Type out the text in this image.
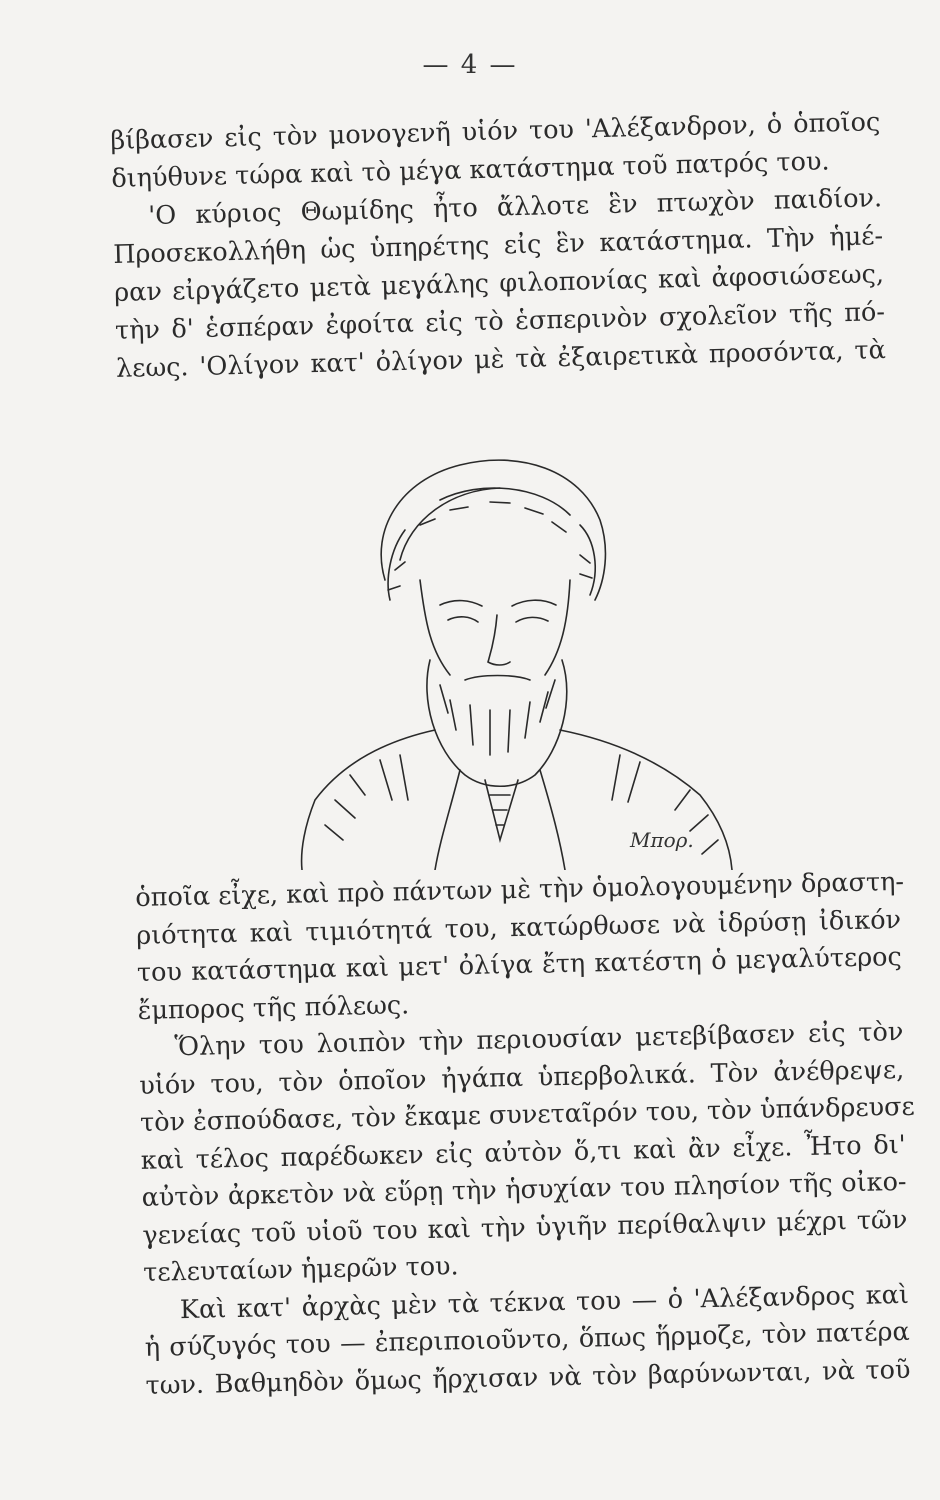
— 4 —

βίβασεν εἰς τὸν μονογενῆ υἱόν του 'Αλέξανδρον, ὁ ὁποῖος
διηύθυνε τώρα καὶ τὸ μέγα κατάστημα τοῦ πατρός του.

'Ο κύριος Θωμίδης ἦτο ἄλλοτε ἓν πτωχὸν παιδίον.
Προσεκολλήθη ὡς ὑπηρέτης εἰς ἓν κατάστημα. Τὴν ἡμέ-
ραν εἰργάζετο μετὰ μεγάλης φιλοπονίας καὶ ἀφοσιώσεως,
τὴν δ' ἑσπέραν ἐφοίτα εἰς τὸ ἑσπερινὸν σχολεῖον τῆς πό-
λεως. 'Ολίγον κατ' ὀλίγον μὲ τὰ ἐξαιρετικὰ προσόντα, τὰ

Μπορ.

ὁποῖα εἶχε, καὶ πρὸ πάντων μὲ τὴν ὁμολογουμένην δραστη-
ριότητα καὶ τιμιότητά του, κατώρθωσε νὰ ἱδρύσῃ ἰδικόν
του κατάστημα καὶ μετ' ὀλίγα ἔτη κατέστη ὁ μεγαλύτερος
ἔμπορος τῆς πόλεως.

Ὅλην του λοιπὸν τὴν περιουσίαν μετεβίβασεν εἰς τὸν
υἱόν του, τὸν ὁποῖον ἠγάπα ὑπερβολικά. Τὸν ἀνέθρεψε,
τὸν ἐσπούδασε, τὸν ἔκαμε συνεταῖρόν του, τὸν ὑπάνδρευσε
καὶ τέλος παρέδωκεν εἰς αὐτὸν ὅ,τι καὶ ἂν εἶχε. Ἦτο δι'
αὐτὸν ἀρκετὸν νὰ εὕρῃ τὴν ἡσυχίαν του πλησίον τῆς οἰκο-
γενείας τοῦ υἱοῦ του καὶ τὴν ὑγιῆν περίθαλψιν μέχρι τῶν
τελευταίων ἡμερῶν του.

Καὶ κατ' ἀρχὰς μὲν τὰ τέκνα του — ὁ 'Αλέξανδρος καὶ
ἡ σύζυγός του — ἐπεριποιοῦντο, ὅπως ἥρμοζε, τὸν πατέρα
των. Βαθμηδὸν ὅμως ἤρχισαν νὰ τὸν βαρύνωνται, νὰ τοῦ
